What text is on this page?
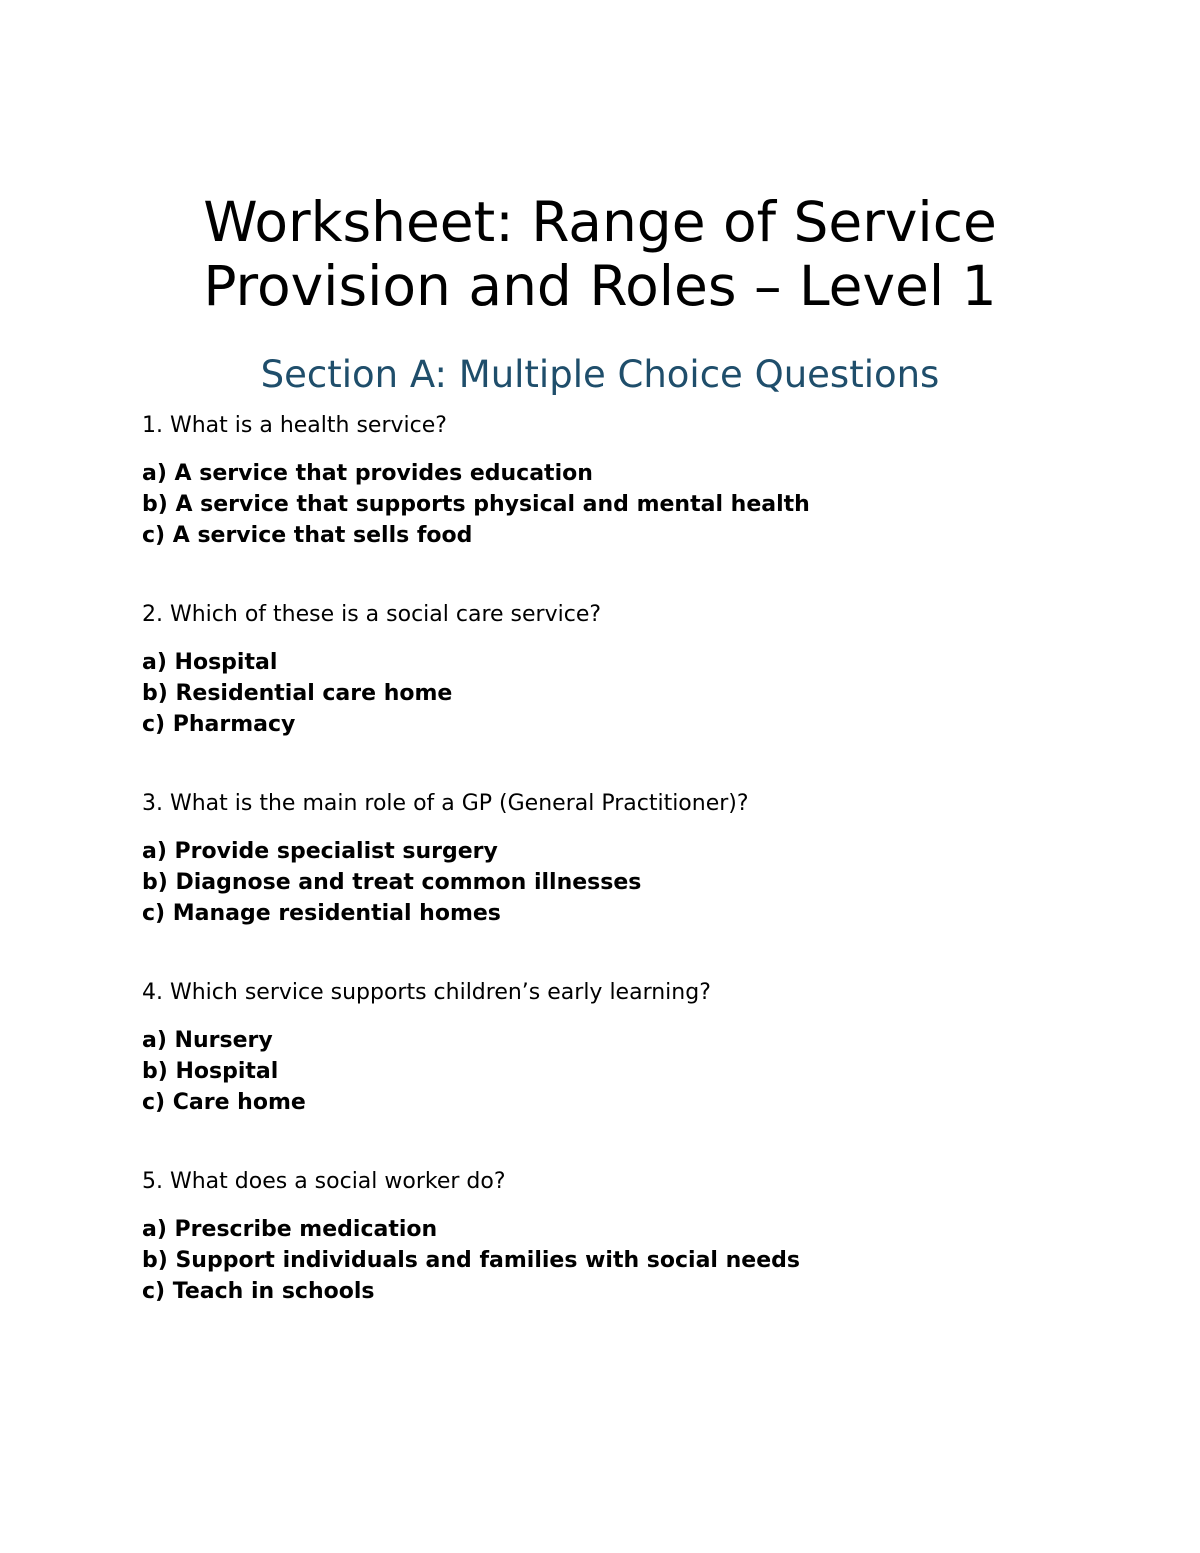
Worksheet: Range of Service
Provision and Roles – Level 1
Section A: Multiple Choice Questions

1. What is a health service?

a) A service that provides education
b) A service that supports physical and mental health
c) A service that sells food

2. Which of these is a social care service?

a) Hospital
b) Residential care home
c) Pharmacy

3. What is the main role of a GP (General Practitioner)?

a) Provide specialist surgery
b) Diagnose and treat common illnesses
c) Manage residential homes

4. Which service supports children’s early learning?

a) Nursery
b) Hospital
c) Care home

5. What does a social worker do?

a) Prescribe medication
b) Support individuals and families with social needs
c) Teach in schools
